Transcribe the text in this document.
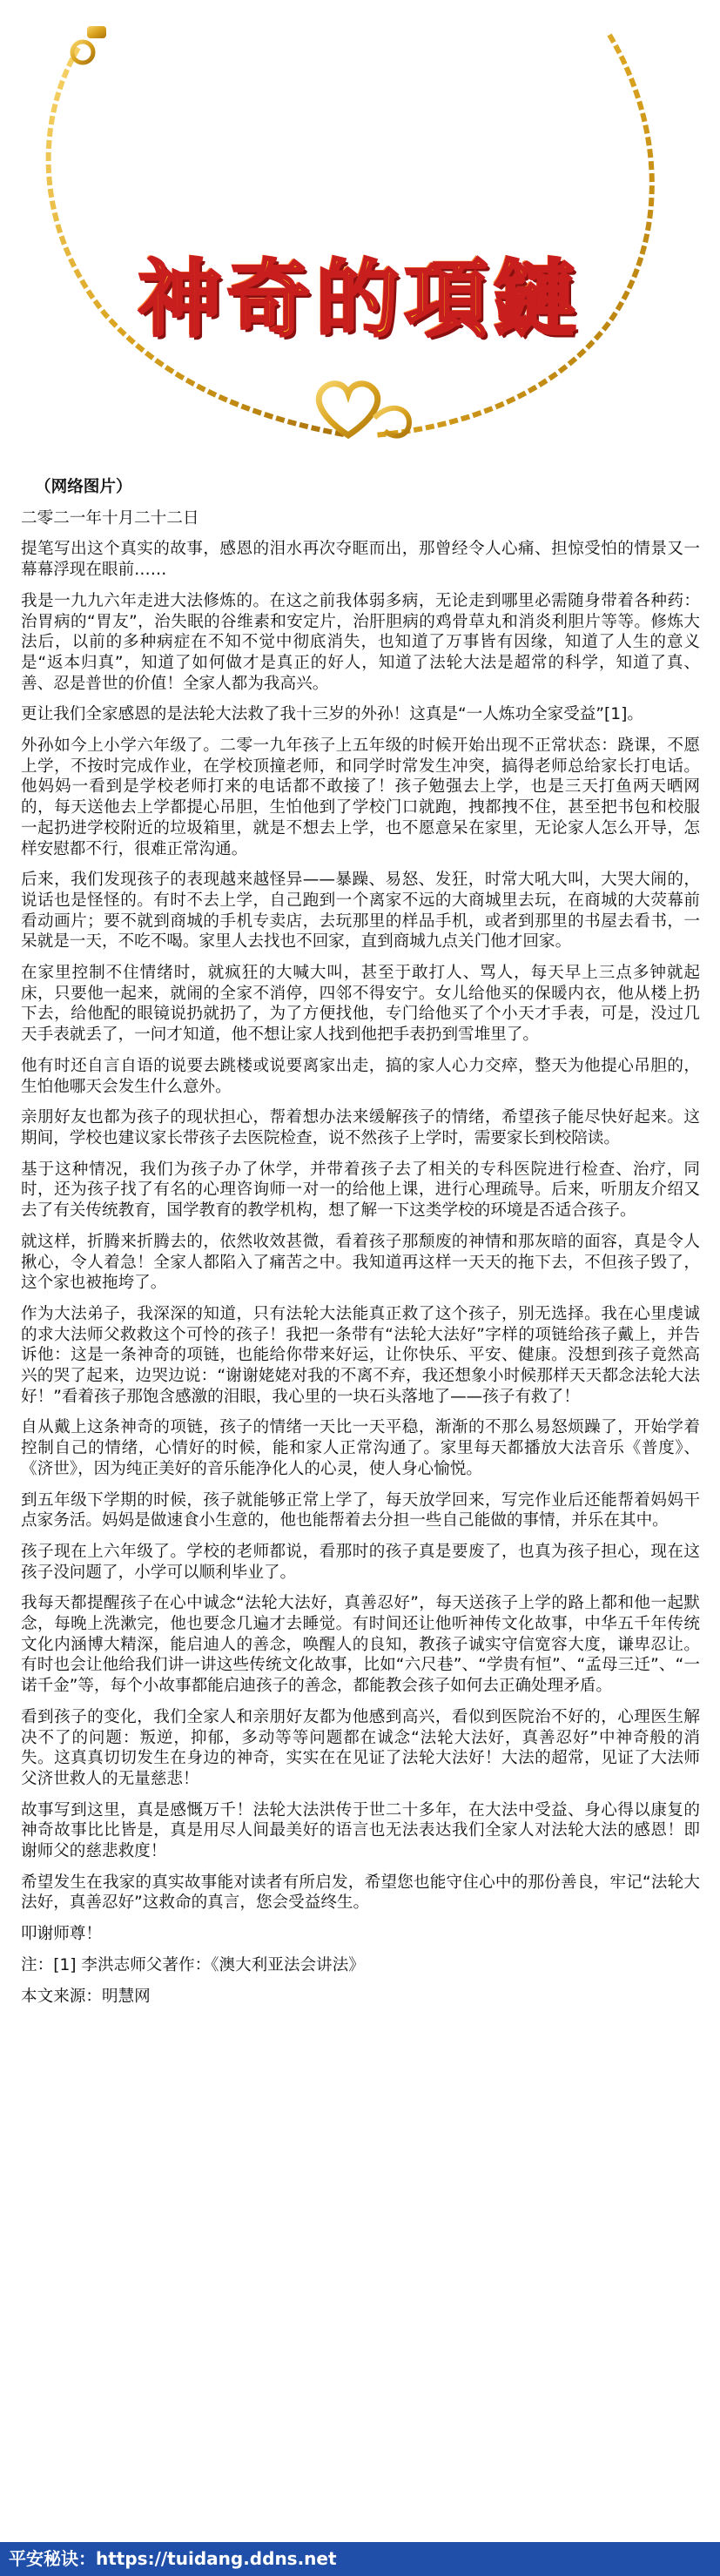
神奇的項鏈
（网络图片）
二零二一年十月二十二日
提笔写出这个真实的故事，感恩的泪水再次夺眶而出，那曾经令人心痛、担惊受怕的情景又一幕幕浮现在眼前……
我是一九九六年走进大法修炼的。在这之前我体弱多病，无论走到哪里必需随身带着各种药：治胃病的“胃友”，治失眠的谷维素和安定片，治肝胆病的鸡骨草丸和消炎利胆片等等。修炼大法后，以前的多种病症在不知不觉中彻底消失，也知道了万事皆有因缘，知道了人生的意义是“返本归真”，知道了如何做才是真正的好人，知道了法轮大法是超常的科学，知道了真、善、忍是普世的价值！全家人都为我高兴。
更让我们全家感恩的是法轮大法救了我十三岁的外孙！这真是“一人炼功全家受益”[1]。
外孙如今上小学六年级了。二零一九年孩子上五年级的时候开始出现不正常状态：跷课，不愿上学，不按时完成作业，在学校顶撞老师，和同学时常发生冲突，搞得老师总给家长打电话。他妈妈一看到是学校老师打来的电话都不敢接了！孩子勉强去上学，也是三天打鱼两天晒网的，每天送他去上学都提心吊胆，生怕他到了学校门口就跑，拽都拽不住，甚至把书包和校服一起扔进学校附近的垃圾箱里，就是不想去上学，也不愿意呆在家里，无论家人怎么开导，怎样安慰都不行，很难正常沟通。
后来，我们发现孩子的表现越来越怪异——暴躁、易怒、发狂，时常大吼大叫，大哭大闹的，说话也是怪怪的。有时不去上学，自己跑到一个离家不远的大商城里去玩，在商城的大荧幕前看动画片；要不就到商城的手机专卖店，去玩那里的样品手机，或者到那里的书屋去看书，一呆就是一天，不吃不喝。家里人去找也不回家，直到商城九点关门他才回家。
在家里控制不住情绪时，就疯狂的大喊大叫，甚至于敢打人、骂人，每天早上三点多钟就起床，只要他一起来，就闹的全家不消停，四邻不得安宁。女儿给他买的保暖内衣，他从楼上扔下去，给他配的眼镜说扔就扔了，为了方便找他，专门给他买了个小天才手表，可是，没过几天手表就丢了，一问才知道，他不想让家人找到他把手表扔到雪堆里了。
他有时还自言自语的说要去跳楼或说要离家出走，搞的家人心力交瘁，整天为他提心吊胆的，生怕他哪天会发生什么意外。
亲朋好友也都为孩子的现状担心，帮着想办法来缓解孩子的情绪，希望孩子能尽快好起来。这期间，学校也建议家长带孩子去医院检查，说不然孩子上学时，需要家长到校陪读。
基于这种情况，我们为孩子办了休学，并带着孩子去了相关的专科医院进行检查、治疗，同时，还为孩子找了有名的心理咨询师一对一的给他上课，进行心理疏导。后来，听朋友介绍又去了有关传统教育，国学教育的教学机构，想了解一下这类学校的环境是否适合孩子。
就这样，折腾来折腾去的，依然收效甚微，看着孩子那颓废的神情和那灰暗的面容，真是令人揪心，令人着急！全家人都陷入了痛苦之中。我知道再这样一天天的拖下去，不但孩子毁了，这个家也被拖垮了。
作为大法弟子，我深深的知道，只有法轮大法能真正救了这个孩子，别无选择。我在心里虔诚的求大法师父救救这个可怜的孩子！我把一条带有“法轮大法好”字样的项链给孩子戴上，并告诉他：这是一条神奇的项链，也能给你带来好运，让你快乐、平安、健康。没想到孩子竟然高兴的哭了起来，边哭边说：“谢谢姥姥对我的不离不弃，我还想象小时候那样天天都念法轮大法好！”看着孩子那饱含感激的泪眼，我心里的一块石头落地了——孩子有救了！
自从戴上这条神奇的项链，孩子的情绪一天比一天平稳，渐渐的不那么易怒烦躁了，开始学着控制自己的情绪，心情好的时候，能和家人正常沟通了。家里每天都播放大法音乐《普度》、《济世》，因为纯正美好的音乐能净化人的心灵，使人身心愉悦。
到五年级下学期的时候，孩子就能够正常上学了，每天放学回来，写完作业后还能帮着妈妈干点家务活。妈妈是做速食小生意的，他也能帮着去分担一些自己能做的事情，并乐在其中。
孩子现在上六年级了。学校的老师都说，看那时的孩子真是要废了，也真为孩子担心，现在这孩子没问题了，小学可以顺利毕业了。
我每天都提醒孩子在心中诚念“法轮大法好，真善忍好”，每天送孩子上学的路上都和他一起默念，每晚上洗漱完，他也要念几遍才去睡觉。有时间还让他听神传文化故事，中华五千年传统文化内涵博大精深，能启迪人的善念，唤醒人的良知，教孩子诚实守信宽容大度，谦卑忍让。有时也会让他给我们讲一讲这些传统文化故事，比如“六尺巷”、“学贵有恒”、“孟母三迁”、“一诺千金”等，每个小故事都能启迪孩子的善念，都能教会孩子如何去正确处理矛盾。
看到孩子的变化，我们全家人和亲朋好友都为他感到高兴，看似到医院治不好的，心理医生解决不了的问题：叛逆，抑郁，多动等等问题都在诚念“法轮大法好，真善忍好”中神奇般的消失。这真真切切发生在身边的神奇，实实在在见证了法轮大法好！大法的超常，见证了大法师父济世救人的无量慈悲！
故事写到这里，真是感慨万千！法轮大法洪传于世二十多年，在大法中受益、身心得以康复的神奇故事比比皆是，真是用尽人间最美好的语言也无法表达我们全家人对法轮大法的感恩！即谢师父的慈悲救度！
希望发生在我家的真实故事能对读者有所启发，希望您也能守住心中的那份善良，牢记“法轮大法好，真善忍好”这救命的真言，您会受益终生。
叩谢师尊！
注：[1] 李洪志师父著作：《澳大利亚法会讲法》
本文来源：明慧网
平安秘诀：https://tuidang.ddns.net
